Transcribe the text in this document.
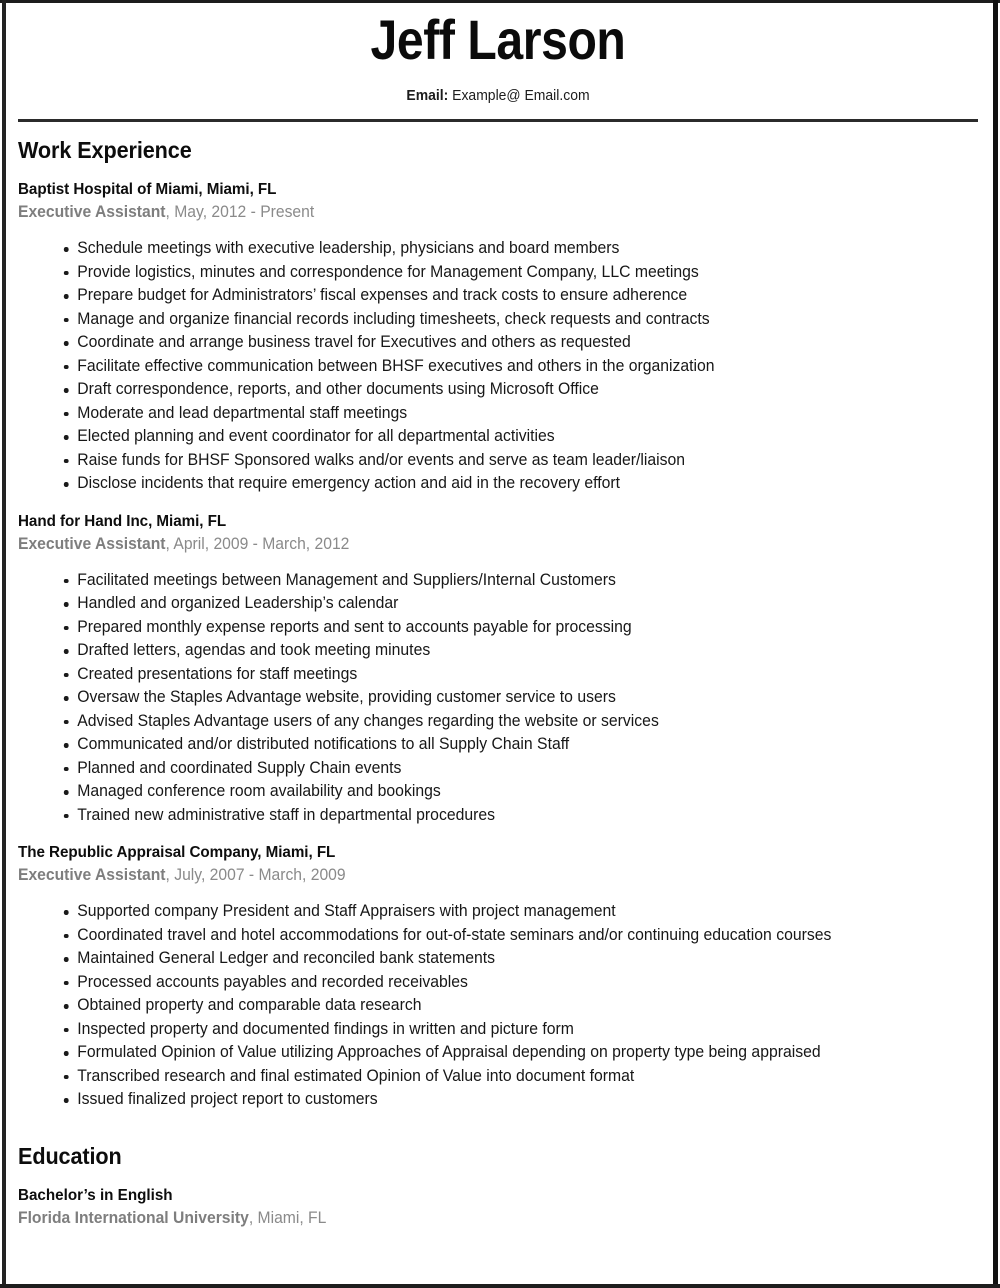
Jeff Larson
Email: Example@ Email.com
Work Experience
Baptist Hospital of Miami, Miami, FL
Executive Assistant, May, 2012 - Present
Schedule meetings with executive leadership, physicians and board members
Provide logistics, minutes and correspondence for Management Company, LLC meetings
Prepare budget for Administrators’ fiscal expenses and track costs to ensure adherence
Manage and organize financial records including timesheets, check requests and contracts
Coordinate and arrange business travel for Executives and others as requested
Facilitate effective communication between BHSF executives and others in the organization
Draft correspondence, reports, and other documents using Microsoft Office
Moderate and lead departmental staff meetings
Elected planning and event coordinator for all departmental activities
Raise funds for BHSF Sponsored walks and/or events and serve as team leader/liaison
Disclose incidents that require emergency action and aid in the recovery effort
Hand for Hand Inc, Miami, FL
Executive Assistant, April, 2009 - March, 2012
Facilitated meetings between Management and Suppliers/Internal Customers
Handled and organized Leadership’s calendar
Prepared monthly expense reports and sent to accounts payable for processing
Drafted letters, agendas and took meeting minutes
Created presentations for staff meetings
Oversaw the Staples Advantage website, providing customer service to users
Advised Staples Advantage users of any changes regarding the website or services
Communicated and/or distributed notifications to all Supply Chain Staff
Planned and coordinated Supply Chain events
Managed conference room availability and bookings
Trained new administrative staff in departmental procedures
The Republic Appraisal Company, Miami, FL
Executive Assistant, July, 2007 - March, 2009
Supported company President and Staff Appraisers with project management
Coordinated travel and hotel accommodations for out-of-state seminars and/or continuing education courses
Maintained General Ledger and reconciled bank statements
Processed accounts payables and recorded receivables
Obtained property and comparable data research
Inspected property and documented findings in written and picture form
Formulated Opinion of Value utilizing Approaches of Appraisal depending on property type being appraised
Transcribed research and final estimated Opinion of Value into document format
Issued finalized project report to customers
Education
Bachelor’s in English
Florida International University, Miami, FL
